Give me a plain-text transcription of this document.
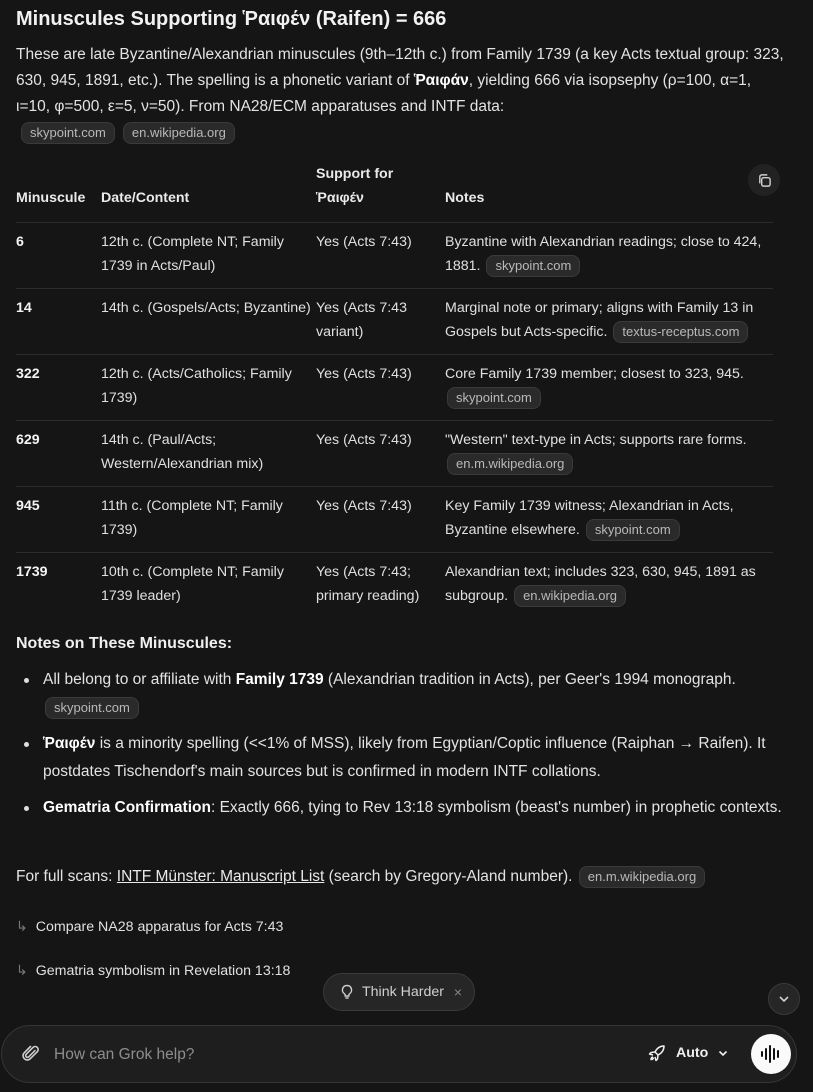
Minuscules Supporting Ῥαιφέν (Raifen) = 666
These are late Byzantine/Alexandrian minuscules (9th–12th c.) from Family 1739 (a key Acts textual group: 323, 630, 945, 1891, etc.). The spelling is a phonetic variant of Ῥαιφάν, yielding 666 via isopsephy (ρ=100, α=1, ι=10, φ=500, ε=5, ν=50). From NA28/ECM apparatuses and INTF data:
skypoint.com en.wikipedia.org
Minuscule	Date/Content	Support for Ῥαιφέν	Notes
6	12th c. (Complete NT; Family 1739 in Acts/Paul)	Yes (Acts 7:43)	Byzantine with Alexandrian readings; close to 424, 1881. skypoint.com
14	14th c. (Gospels/Acts; Byzantine)	Yes (Acts 7:43 variant)	Marginal note or primary; aligns with Family 13 in Gospels but Acts-specific. textus-receptus.com
322	12th c. (Acts/Catholics; Family 1739)	Yes (Acts 7:43)	Core Family 1739 member; closest to 323, 945. skypoint.com
629	14th c. (Paul/Acts; Western/Alexandrian mix)	Yes (Acts 7:43)	"Western" text-type in Acts; supports rare forms. en.m.wikipedia.org
945	11th c. (Complete NT; Family 1739)	Yes (Acts 7:43)	Key Family 1739 witness; Alexandrian in Acts, Byzantine elsewhere. skypoint.com
1739	10th c. (Complete NT; Family 1739 leader)	Yes (Acts 7:43; primary reading)	Alexandrian text; includes 323, 630, 945, 1891 as subgroup. en.wikipedia.org
Notes on These Minuscules:
All belong to or affiliate with Family 1739 (Alexandrian tradition in Acts), per Geer's 1994 monograph.
skypoint.com
Ῥαιφέν is a minority spelling (<<1% of MSS), likely from Egyptian/Coptic influence (Raiphan → Raifen). It postdates Tischendorf's main sources but is confirmed in modern INTF collations.
Gematria Confirmation: Exactly 666, tying to Rev 13:18 symbolism (beast's number) in prophetic contexts.
For full scans: INTF Münster: Manuscript List (search by Gregory-Aland number). en.m.wikipedia.org
↳ Compare NA28 apparatus for Acts 7:43
↳ Gematria symbolism in Revelation 13:18
Think Harder ×
How can Grok help?
Auto
